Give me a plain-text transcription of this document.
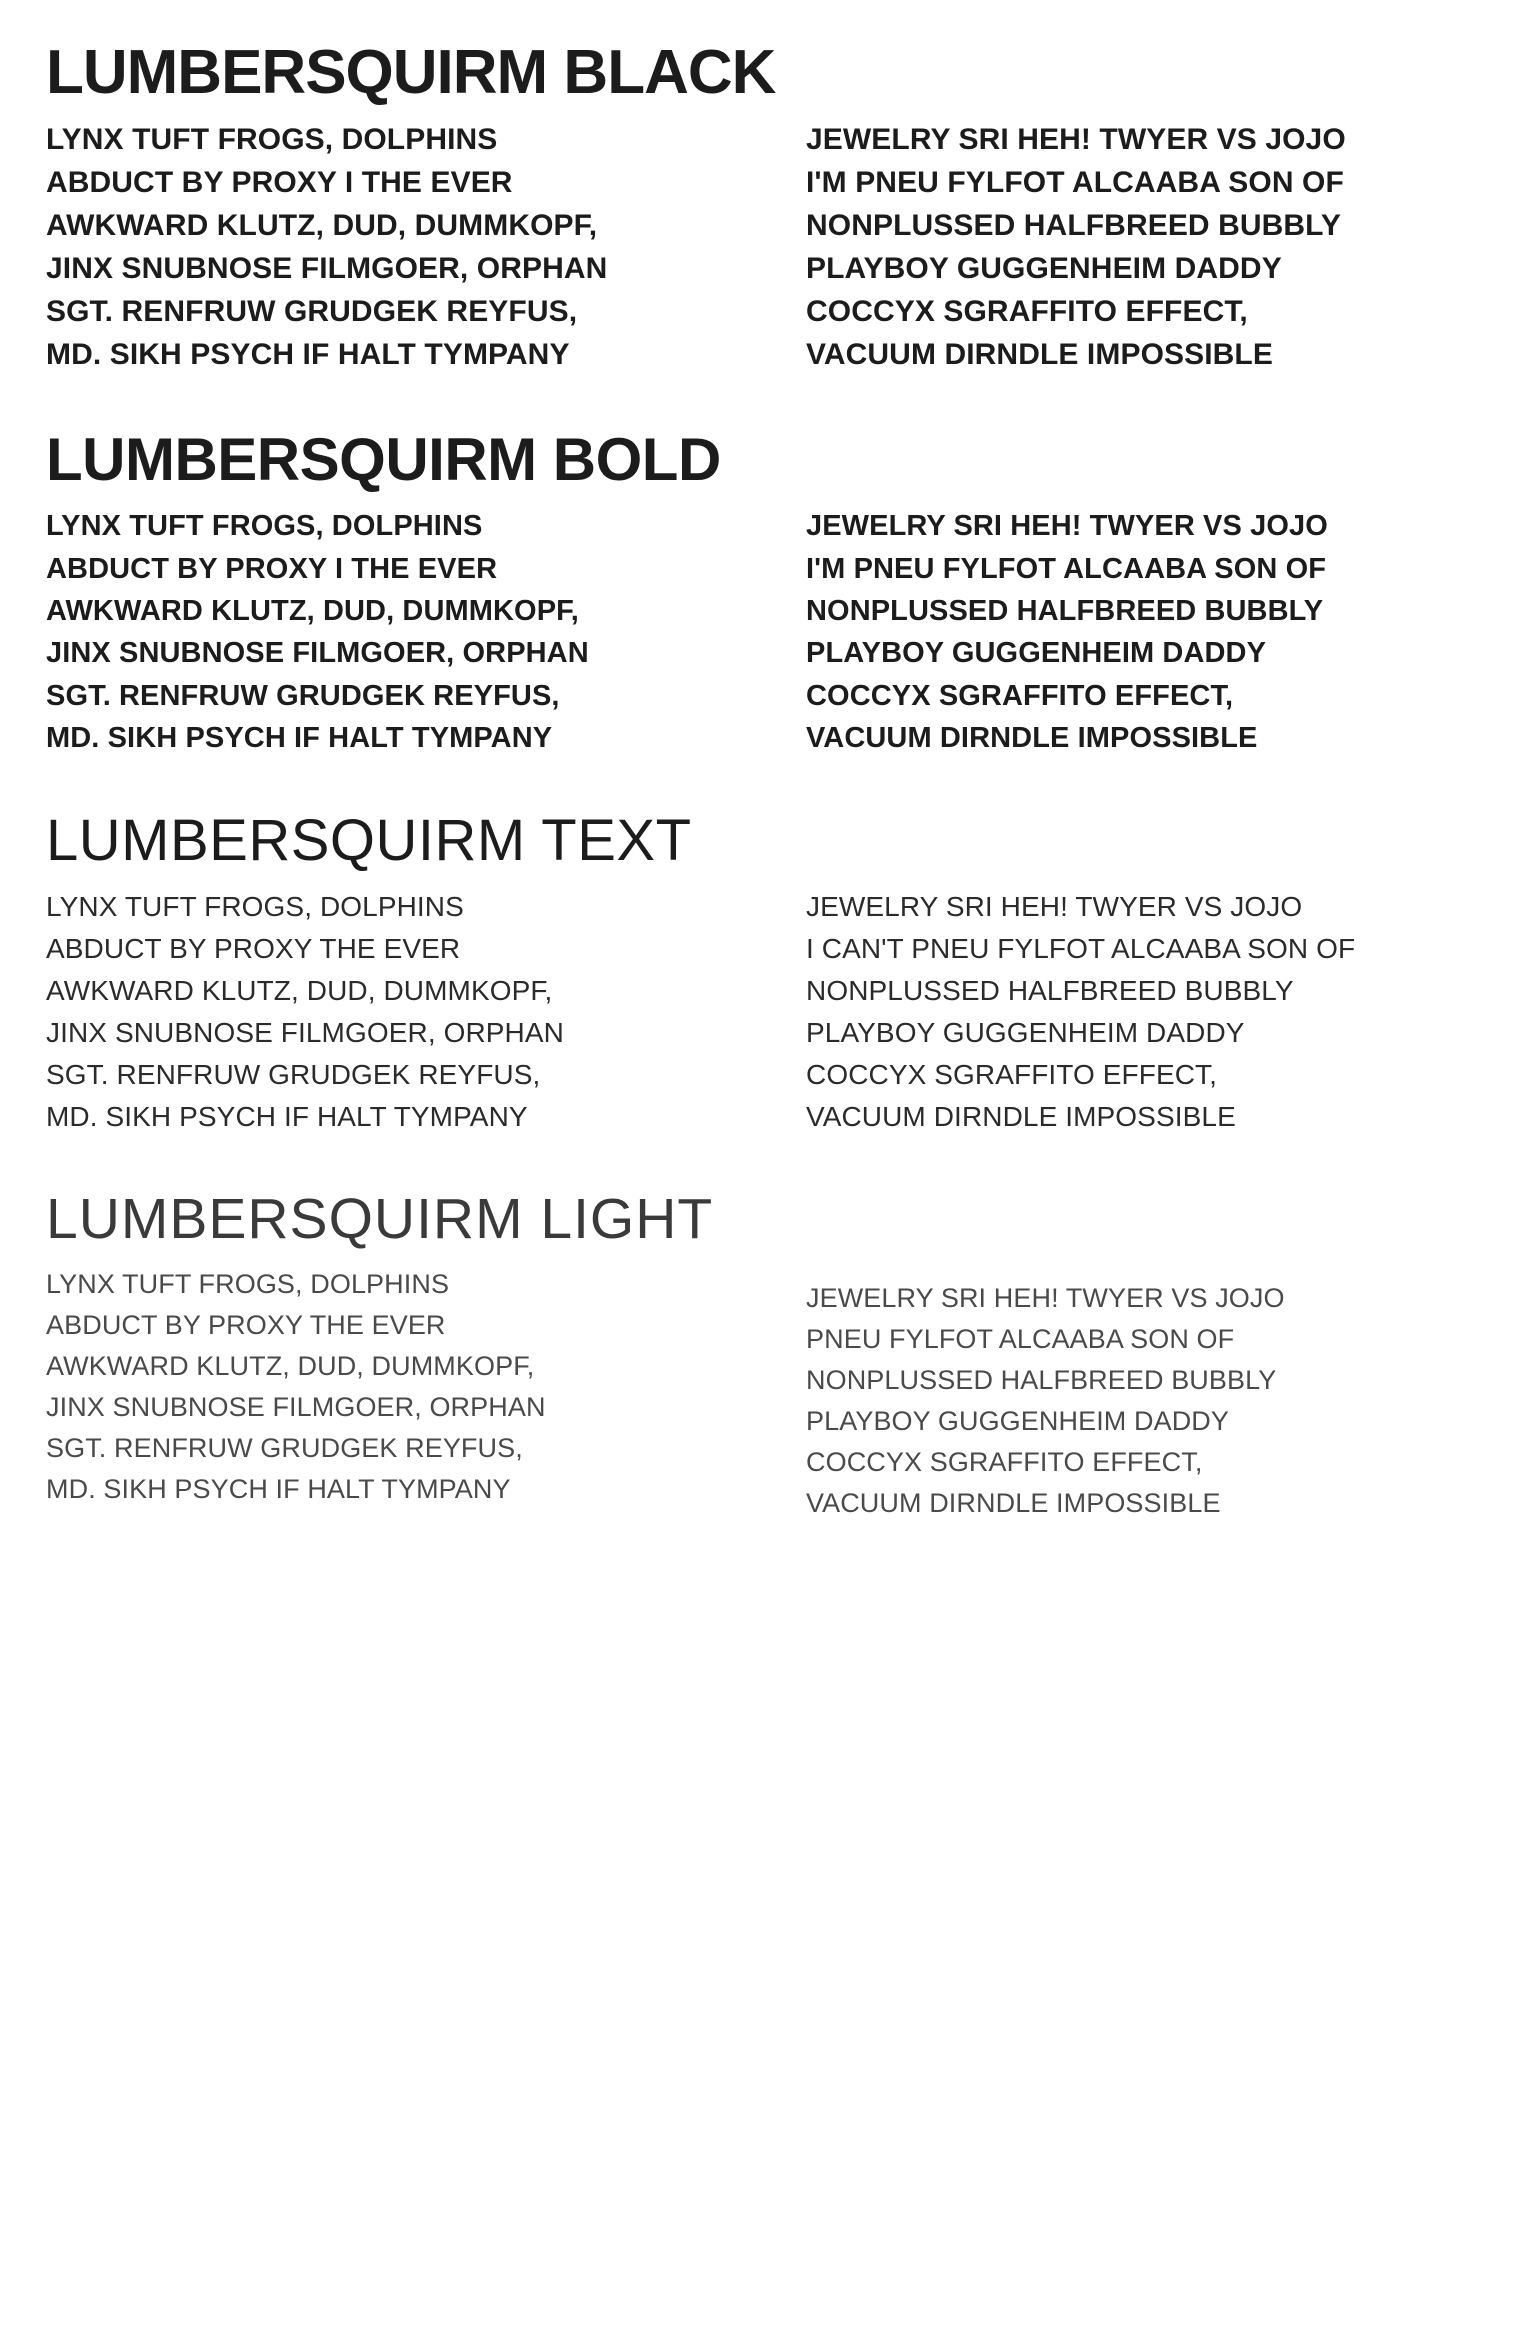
LUMBERSQUIRM BLACK
LYNX TUFT FROGS, DOLPHINS
ABDUCT BY PROXY I THE EVER
AWKWARD KLUTZ, DUD, DUMMKOPF,
JINX SNUBNOSE FILMGOER, ORPHAN
SGT. RENFRUW GRUDGEK REYFUS,
MD. SIKH PSYCH IF HALT TYMPANY
JEWELRY SRI HEH! TWYER VS JOJO
I'M PNEU FYLFOT ALCAABA SON OF
NONPLUSSED HALFBREED BUBBLY
PLAYBOY GUGGENHEIM DADDY
COCCYX SGRAFFITO EFFECT,
VACUUM DIRNDLE IMPOSSIBLE
LUMBERSQUIRM BOLD
LYNX TUFT FROGS, DOLPHINS
ABDUCT BY PROXY I THE EVER
AWKWARD KLUTZ, DUD, DUMMKOPF,
JINX SNUBNOSE FILMGOER, ORPHAN
SGT. RENFRUW GRUDGEK REYFUS,
MD. SIKH PSYCH IF HALT TYMPANY
JEWELRY SRI HEH! TWYER VS JOJO
I'M PNEU FYLFOT ALCAABA SON OF
NONPLUSSED HALFBREED BUBBLY
PLAYBOY GUGGENHEIM DADDY
COCCYX SGRAFFITO EFFECT,
VACUUM DIRNDLE IMPOSSIBLE
LUMBERSQUIRM TEXT
LYNX TUFT FROGS, DOLPHINS
ABDUCT BY PROXY THE EVER
AWKWARD KLUTZ, DUD, DUMMKOPF,
JINX SNUBNOSE FILMGOER, ORPHAN
SGT. RENFRUW GRUDGEK REYFUS,
MD. SIKH PSYCH IF HALT TYMPANY
JEWELRY SRI HEH! TWYER VS JOJO
I CAN'T PNEU FYLFOT ALCAABA SON OF
NONPLUSSED HALFBREED BUBBLY
PLAYBOY GUGGENHEIM DADDY
COCCYX SGRAFFITO EFFECT,
VACUUM DIRNDLE IMPOSSIBLE
LUMBERSQUIRM LIGHT
LYNX TUFT FROGS, DOLPHINS
ABDUCT BY PROXY THE EVER
AWKWARD KLUTZ, DUD, DUMMKOPF,
JINX SNUBNOSE FILMGOER, ORPHAN
SGT. RENFRUW GRUDGEK REYFUS,
MD. SIKH PSYCH IF HALT TYMPANY
JEWELRY SRI HEH! TWYER VS JOJO
PNEU FYLFOT ALCAABA SON OF
NONPLUSSED HALFBREED BUBBLY
PLAYBOY GUGGENHEIM DADDY
COCCYX SGRAFFITO EFFECT,
VACUUM DIRNDLE IMPOSSIBLE
